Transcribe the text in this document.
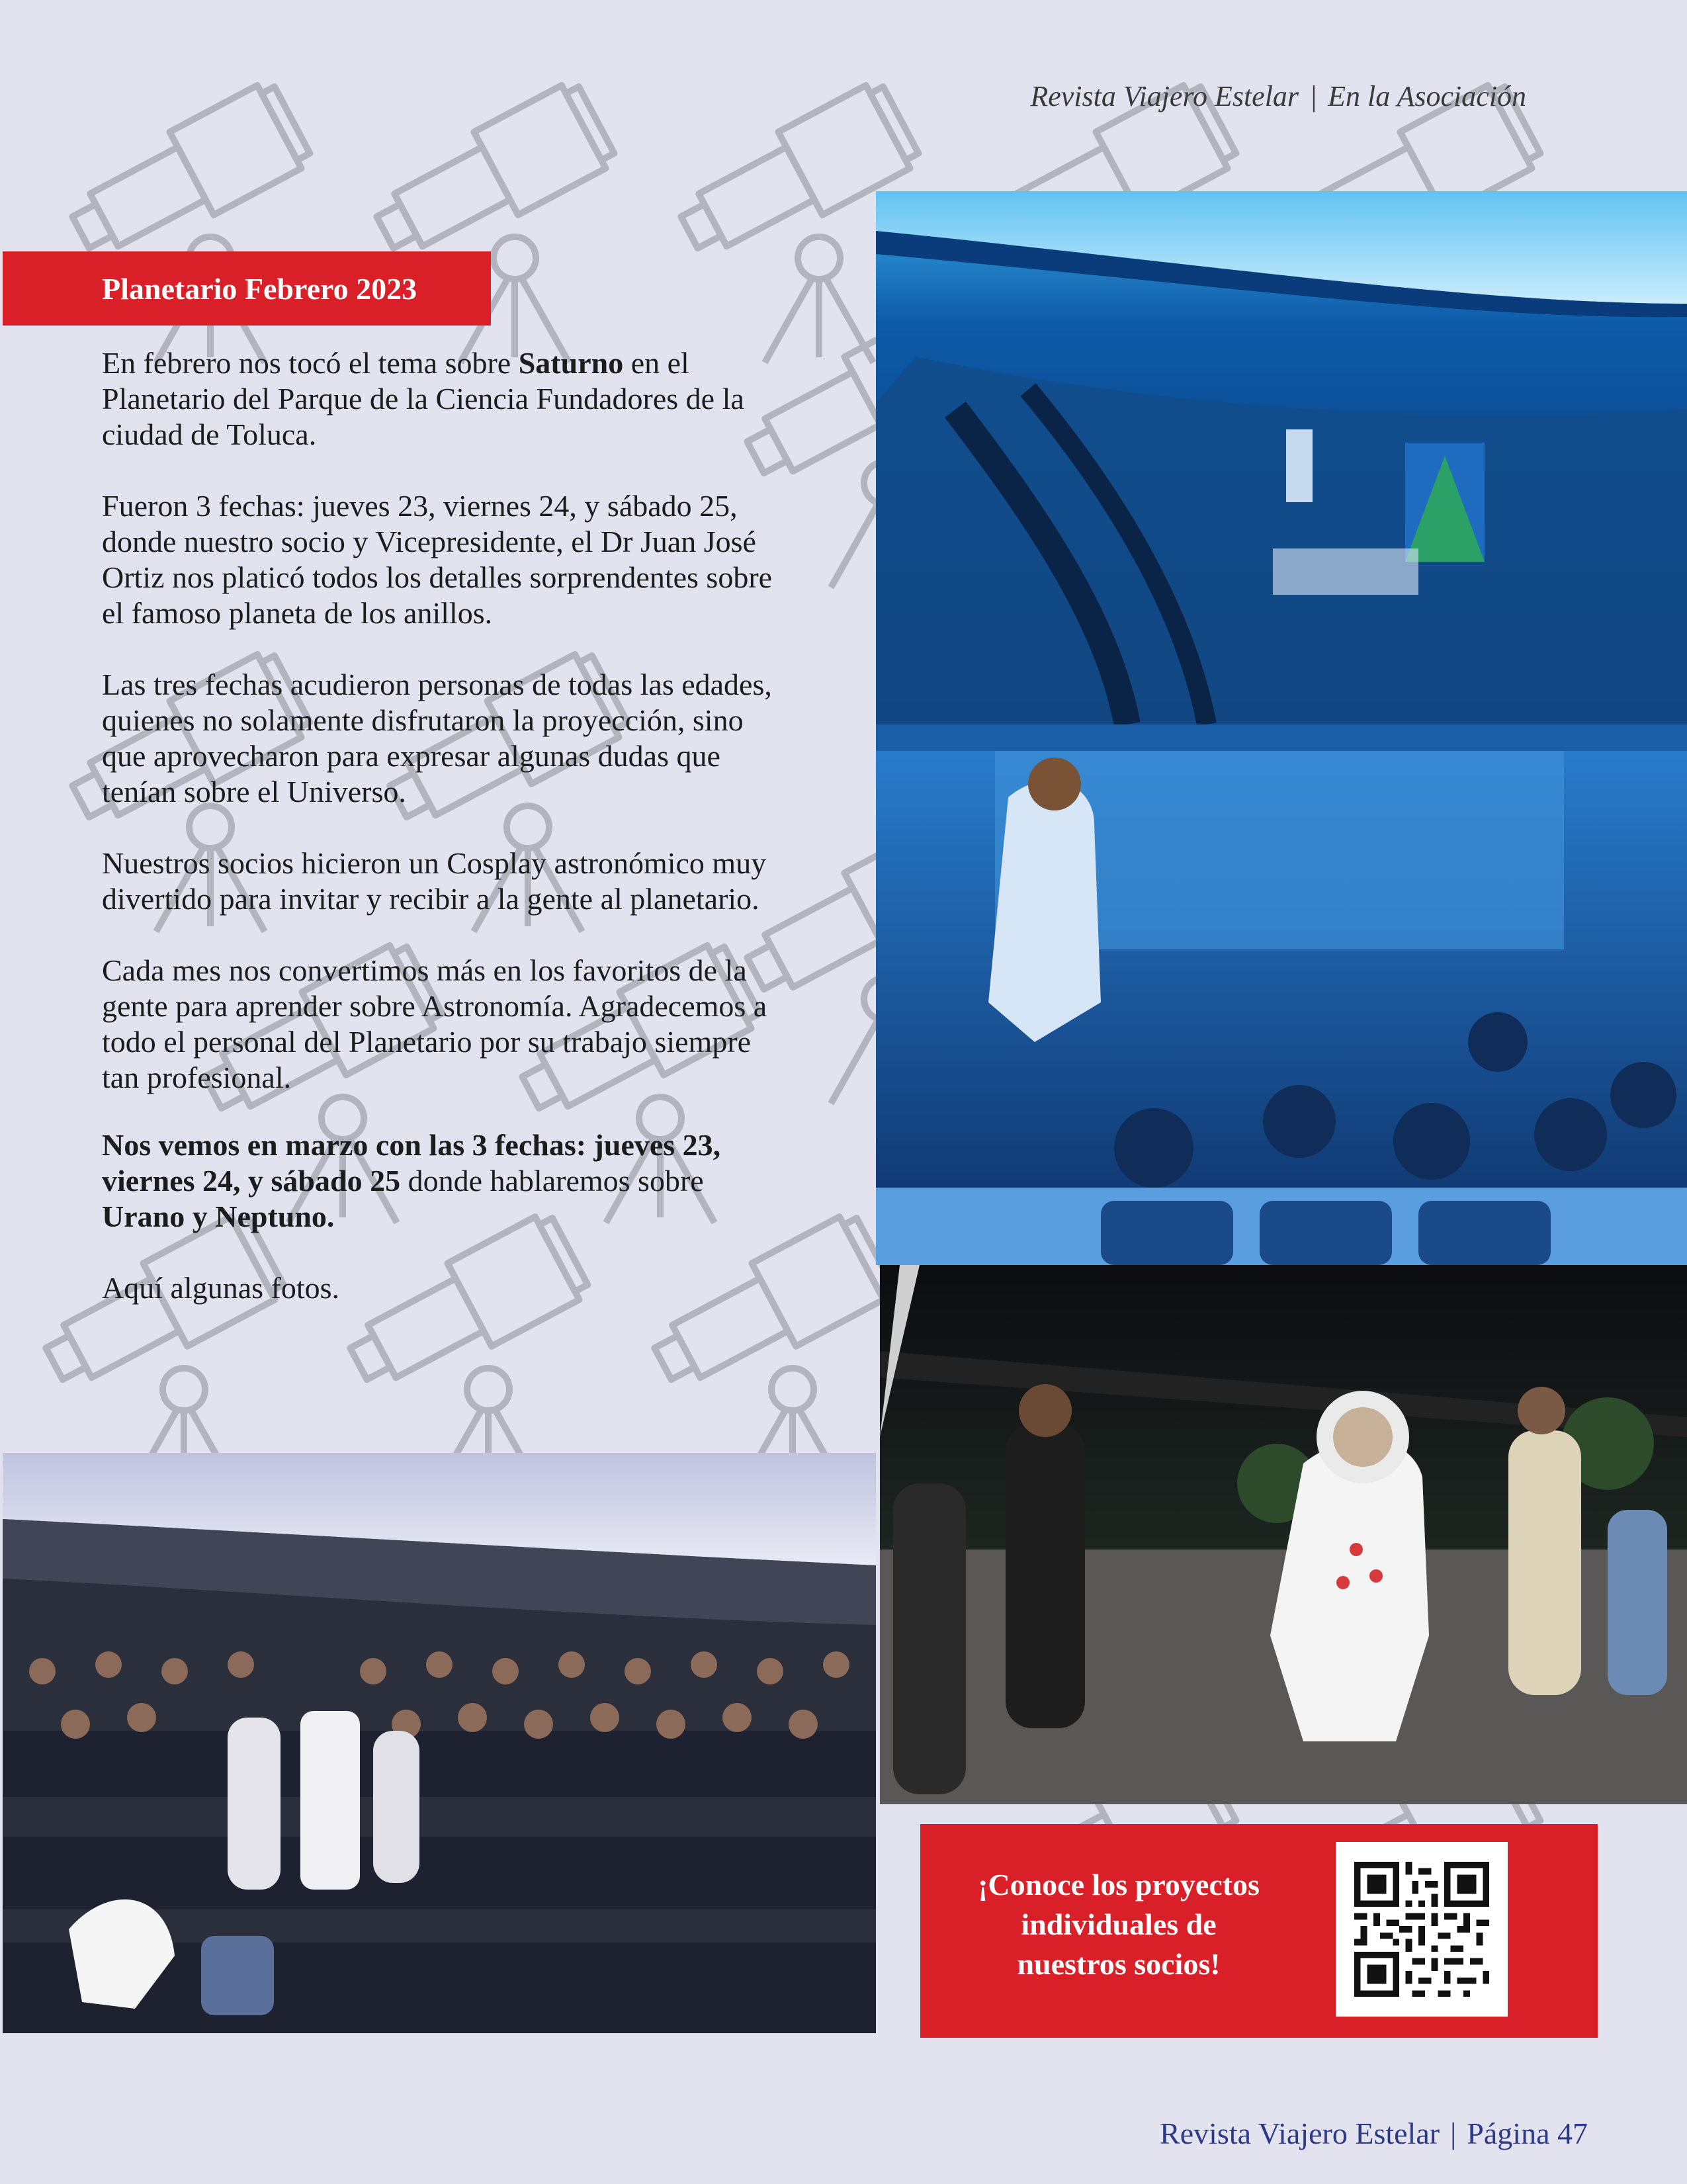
Revista Viajero Estelar | En la Asociación
Planetario Febrero 2023

En febrero nos tocó el tema sobre Saturno en el Planetario del Parque de la Ciencia Fundadores de la ciudad de Toluca.

Fueron 3 fechas: jueves 23, viernes 24, y sábado 25, donde nuestro socio y Vicepresidente, el Dr Juan José Ortiz nos platicó todos los detalles sorprendentes sobre el famoso planeta de los anillos.

Las tres fechas acudieron personas de todas las edades, quienes no solamente disfrutaron la proyección, sino que aprovecharon para expresar algunas dudas que tenían sobre el Universo.

Nuestros socios hicieron un Cosplay astronómico muy divertido para invitar y recibir a la gente al planetario.

Cada mes nos convertimos más en los favoritos de la gente para aprender sobre Astronomía. Agradecemos a todo el personal del Planetario por su trabajo siempre tan profesional.

Nos vemos en marzo con las 3 fechas: jueves 23, viernes 24, y sábado 25 donde hablaremos sobre Urano y Neptuno.

Aquí algunas fotos.

¡Conoce los proyectos
individuales de
nuestros socios!
Revista Viajero Estelar | Página 47
